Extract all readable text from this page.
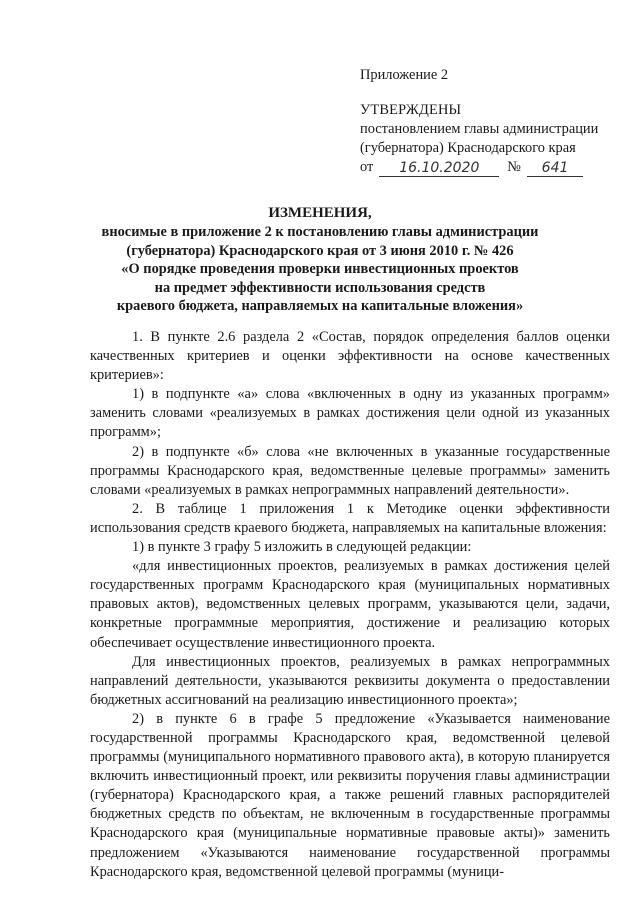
Приложение 2
УТВЕРЖДЕНЫ
постановлением главы администрации
(губернатора) Краснодарского края
от	16.10.2020	№	641
ИЗМЕНЕНИЯ,
вносимые в приложение 2 к постановлению главы администрации
(губернатора) Краснодарского края от 3 июня 2010 г. № 426
«О порядке проведения проверки инвестиционных проектов
на предмет эффективности использования средств
краевого бюджета, направляемых на капитальные вложения»

1. В пункте 2.6 раздела 2 «Состав, порядок определения баллов оценки качественных критериев и оценки эффективности на основе качественных критериев»:

1) в подпункте «а» слова «включенных в одну из указанных программ» заменить словами «реализуемых в рамках достижения цели одной из указанных программ»;

2) в подпункте «б» слова «не включенных в указанные государственные программы Краснодарского края, ведомственные целевые программы» заменить словами «реализуемых в рамках непрограммных направлений деятельности».

2. В таблице 1 приложения 1 к Методике оценки эффективности использования средств краевого бюджета, направляемых на капитальные вложения:

1) в пункте 3 графу 5 изложить в следующей редакции:

«для инвестиционных проектов, реализуемых в рамках достижения целей государственных программ Краснодарского края (муниципальных нормативных правовых актов), ведомственных целевых программ, указываются цели, задачи, конкретные программные мероприятия, достижение и реализацию которых обеспечивает осуществление инвестиционного проекта.

Для инвестиционных проектов, реализуемых в рамках непрограммных направлений деятельности, указываются реквизиты документа о предоставлении бюджетных ассигнований на реализацию инвестиционного проекта»;

2) в пункте 6 в графе 5 предложение «Указывается наименование государственной программы Краснодарского края, ведомственной целевой программы (муниципального нормативного правового акта), в которую планируется включить инвестиционный проект, или реквизиты поручения главы администрации (губернатора) Краснодарского края, а также решений главных распорядителей бюджетных средств по объектам, не включенным в государственные программы Краснодарского края (муниципальные нормативные правовые акты)» заменить предложением «Указываются наименование государственной программы Краснодарского края, ведомственной целевой программы (муници-
